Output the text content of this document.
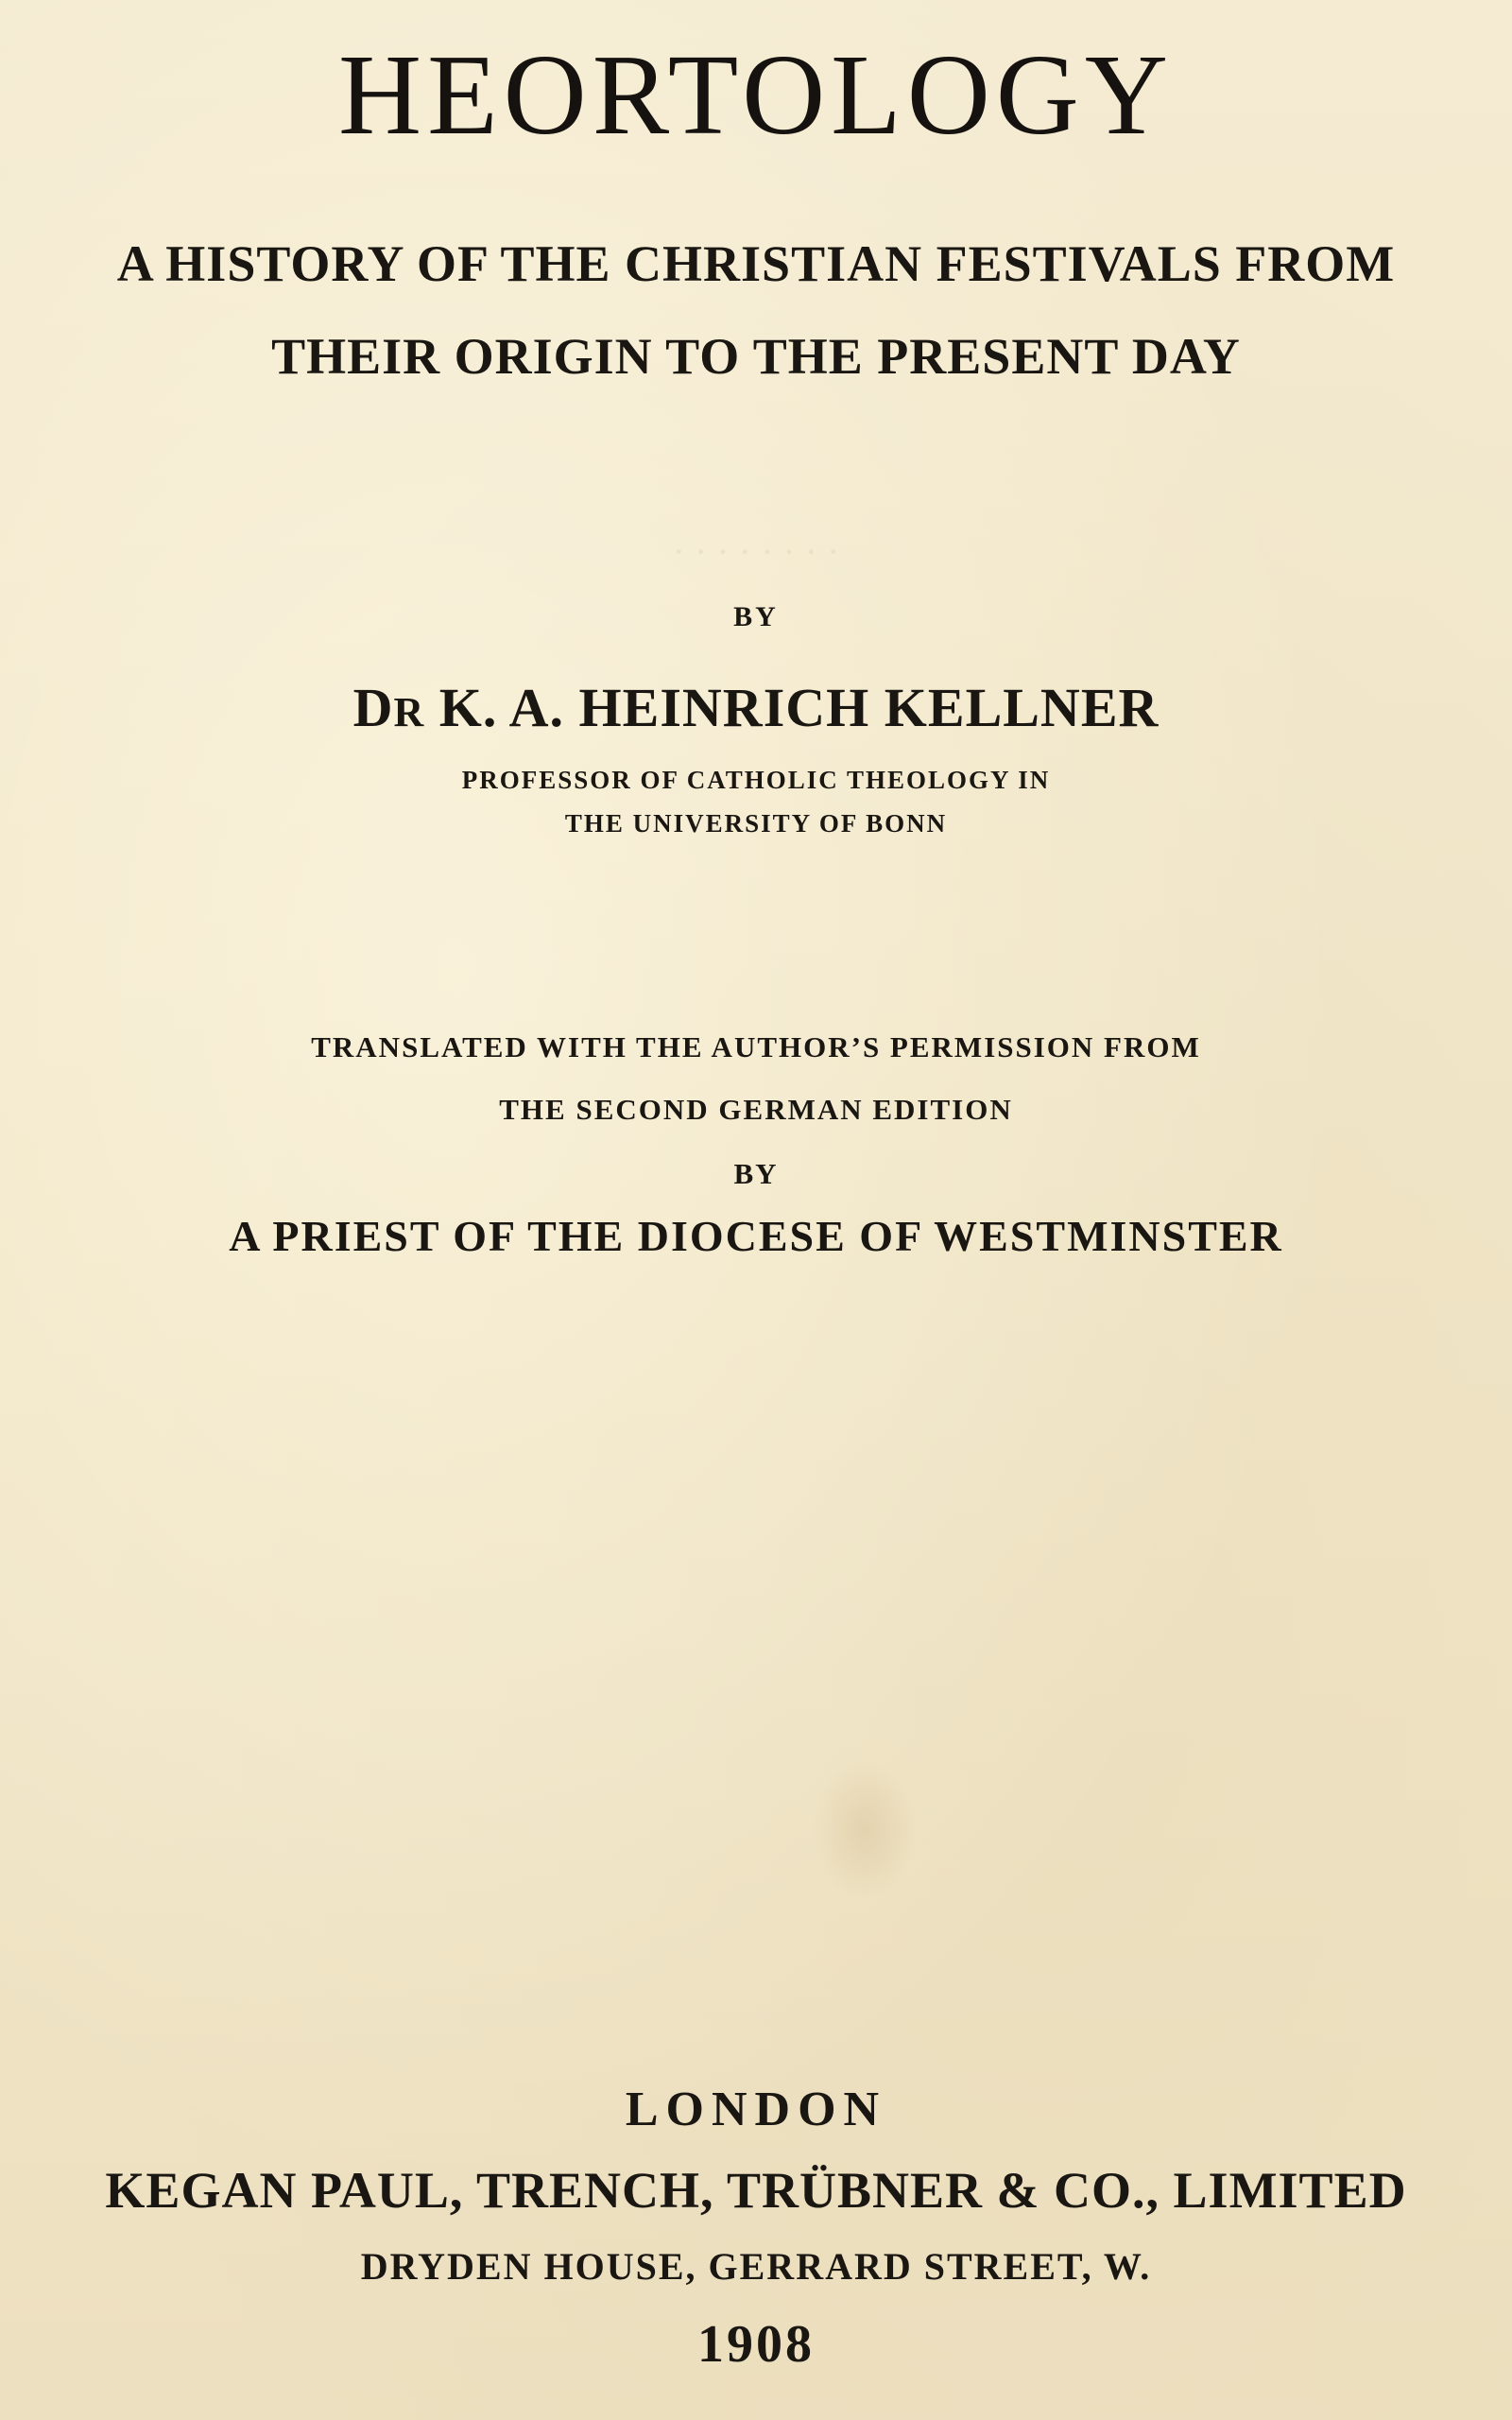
· · · · · · · ·
HEORTOLOGY
A HISTORY OF THE CHRISTIAN FESTIVALS FROM
THEIR ORIGIN TO THE PRESENT DAY
BY
DR K. A. HEINRICH KELLNER
PROFESSOR OF CATHOLIC THEOLOGY IN
THE UNIVERSITY OF BONN
TRANSLATED WITH THE AUTHOR’S PERMISSION FROM
THE SECOND GERMAN EDITION
BY
A PRIEST OF THE DIOCESE OF WESTMINSTER
LONDON
KEGAN PAUL, TRENCH, TRÜBNER & CO., LIMITED
DRYDEN HOUSE, GERRARD STREET, W.
1908
